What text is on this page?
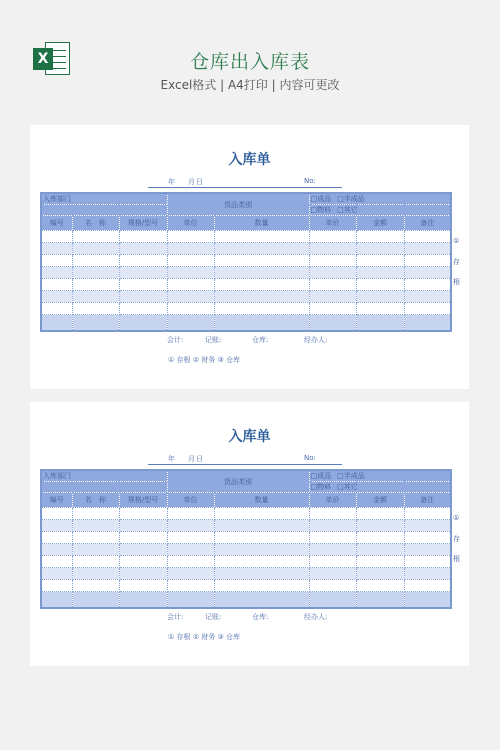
X	仓库出入库表
Excel格式 | A4打印 | 内容可更改
入库单
年 月 日	No:
入库部门			货品类别		□成品 □半成品		
					□物料 □其它		
编号	名　称	规格/型号	单位	数量	单价	金额	备注

①
存
根
会计:	记账:	仓库:	经办人:
① 存根 ② 财务 ③ 仓库
入库单
年 月 日	No:
入库部门			货品类别		□成品 □半成品		
					□物料 □其它		
编号	名　称	规格/型号	单位	数量	单价	金额	备注

①
存
根
会计:	记账:	仓库:	经办人:
① 存根 ② 财务 ③ 仓库
